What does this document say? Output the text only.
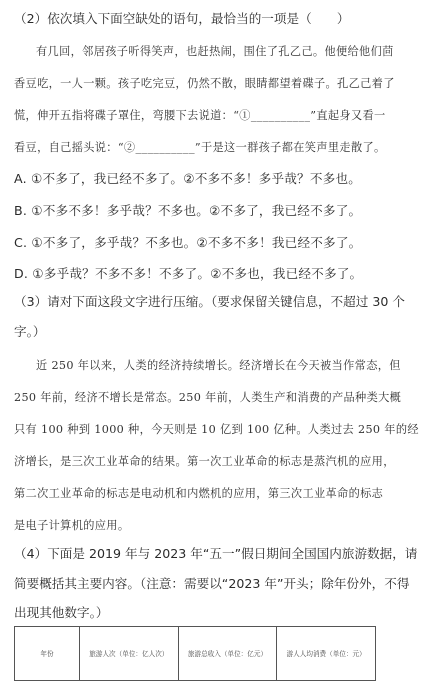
（2）依次填入下面空缺处的语句，最恰当的一项是（　　）
有几回，邻居孩子听得笑声，也赶热闹，围住了孔乙己。他便给他们茴
香豆吃，一人一颗。孩子吃完豆，仍然不散，眼睛都望着碟子。孔乙己着了
慌，伸开五指将碟子罩住，弯腰下去说道：“①__________”直起身又看一
看豆，自己摇头说：“②__________”于是这一群孩子都在笑声里走散了。
A. ①不多了，我已经不多了。②不多不多！多乎哉？不多也。
B. ①不多不多！多乎哉？不多也。②不多了，我已经不多了。
C. ①不多了，多乎哉？不多也。②不多不多！我已经不多了。
D. ①多乎哉？不多不多！不多了。②不多也，我已经不多了。
（3）请对下面这段文字进行压缩。（要求保留关键信息，不超过 30 个
字。）
近 250 年以来，人类的经济持续增长。经济增长在今天被当作常态，但
250 年前，经济不增长是常态。250 年前，人类生产和消费的产品种类大概
只有 100 种到 1000 种，今天则是 10 亿到 100 亿种。人类过去 250 年的经
济增长，是三次工业革命的结果。第一次工业革命的标志是蒸汽机的应用，
第二次工业革命的标志是电动机和内燃机的应用，第三次工业革命的标志
是电子计算机的应用。
（4）下面是 2019 年与 2023 年“五一”假日期间全国国内旅游数据，请
简要概括其主要内容。（注意：需要以“2023 年”开头；除年份外，不得
出现其他数字。）
年份	旅游人次（单位：亿人次）	旅游总收入（单位：亿元）	游人人均消费（单位：元）
